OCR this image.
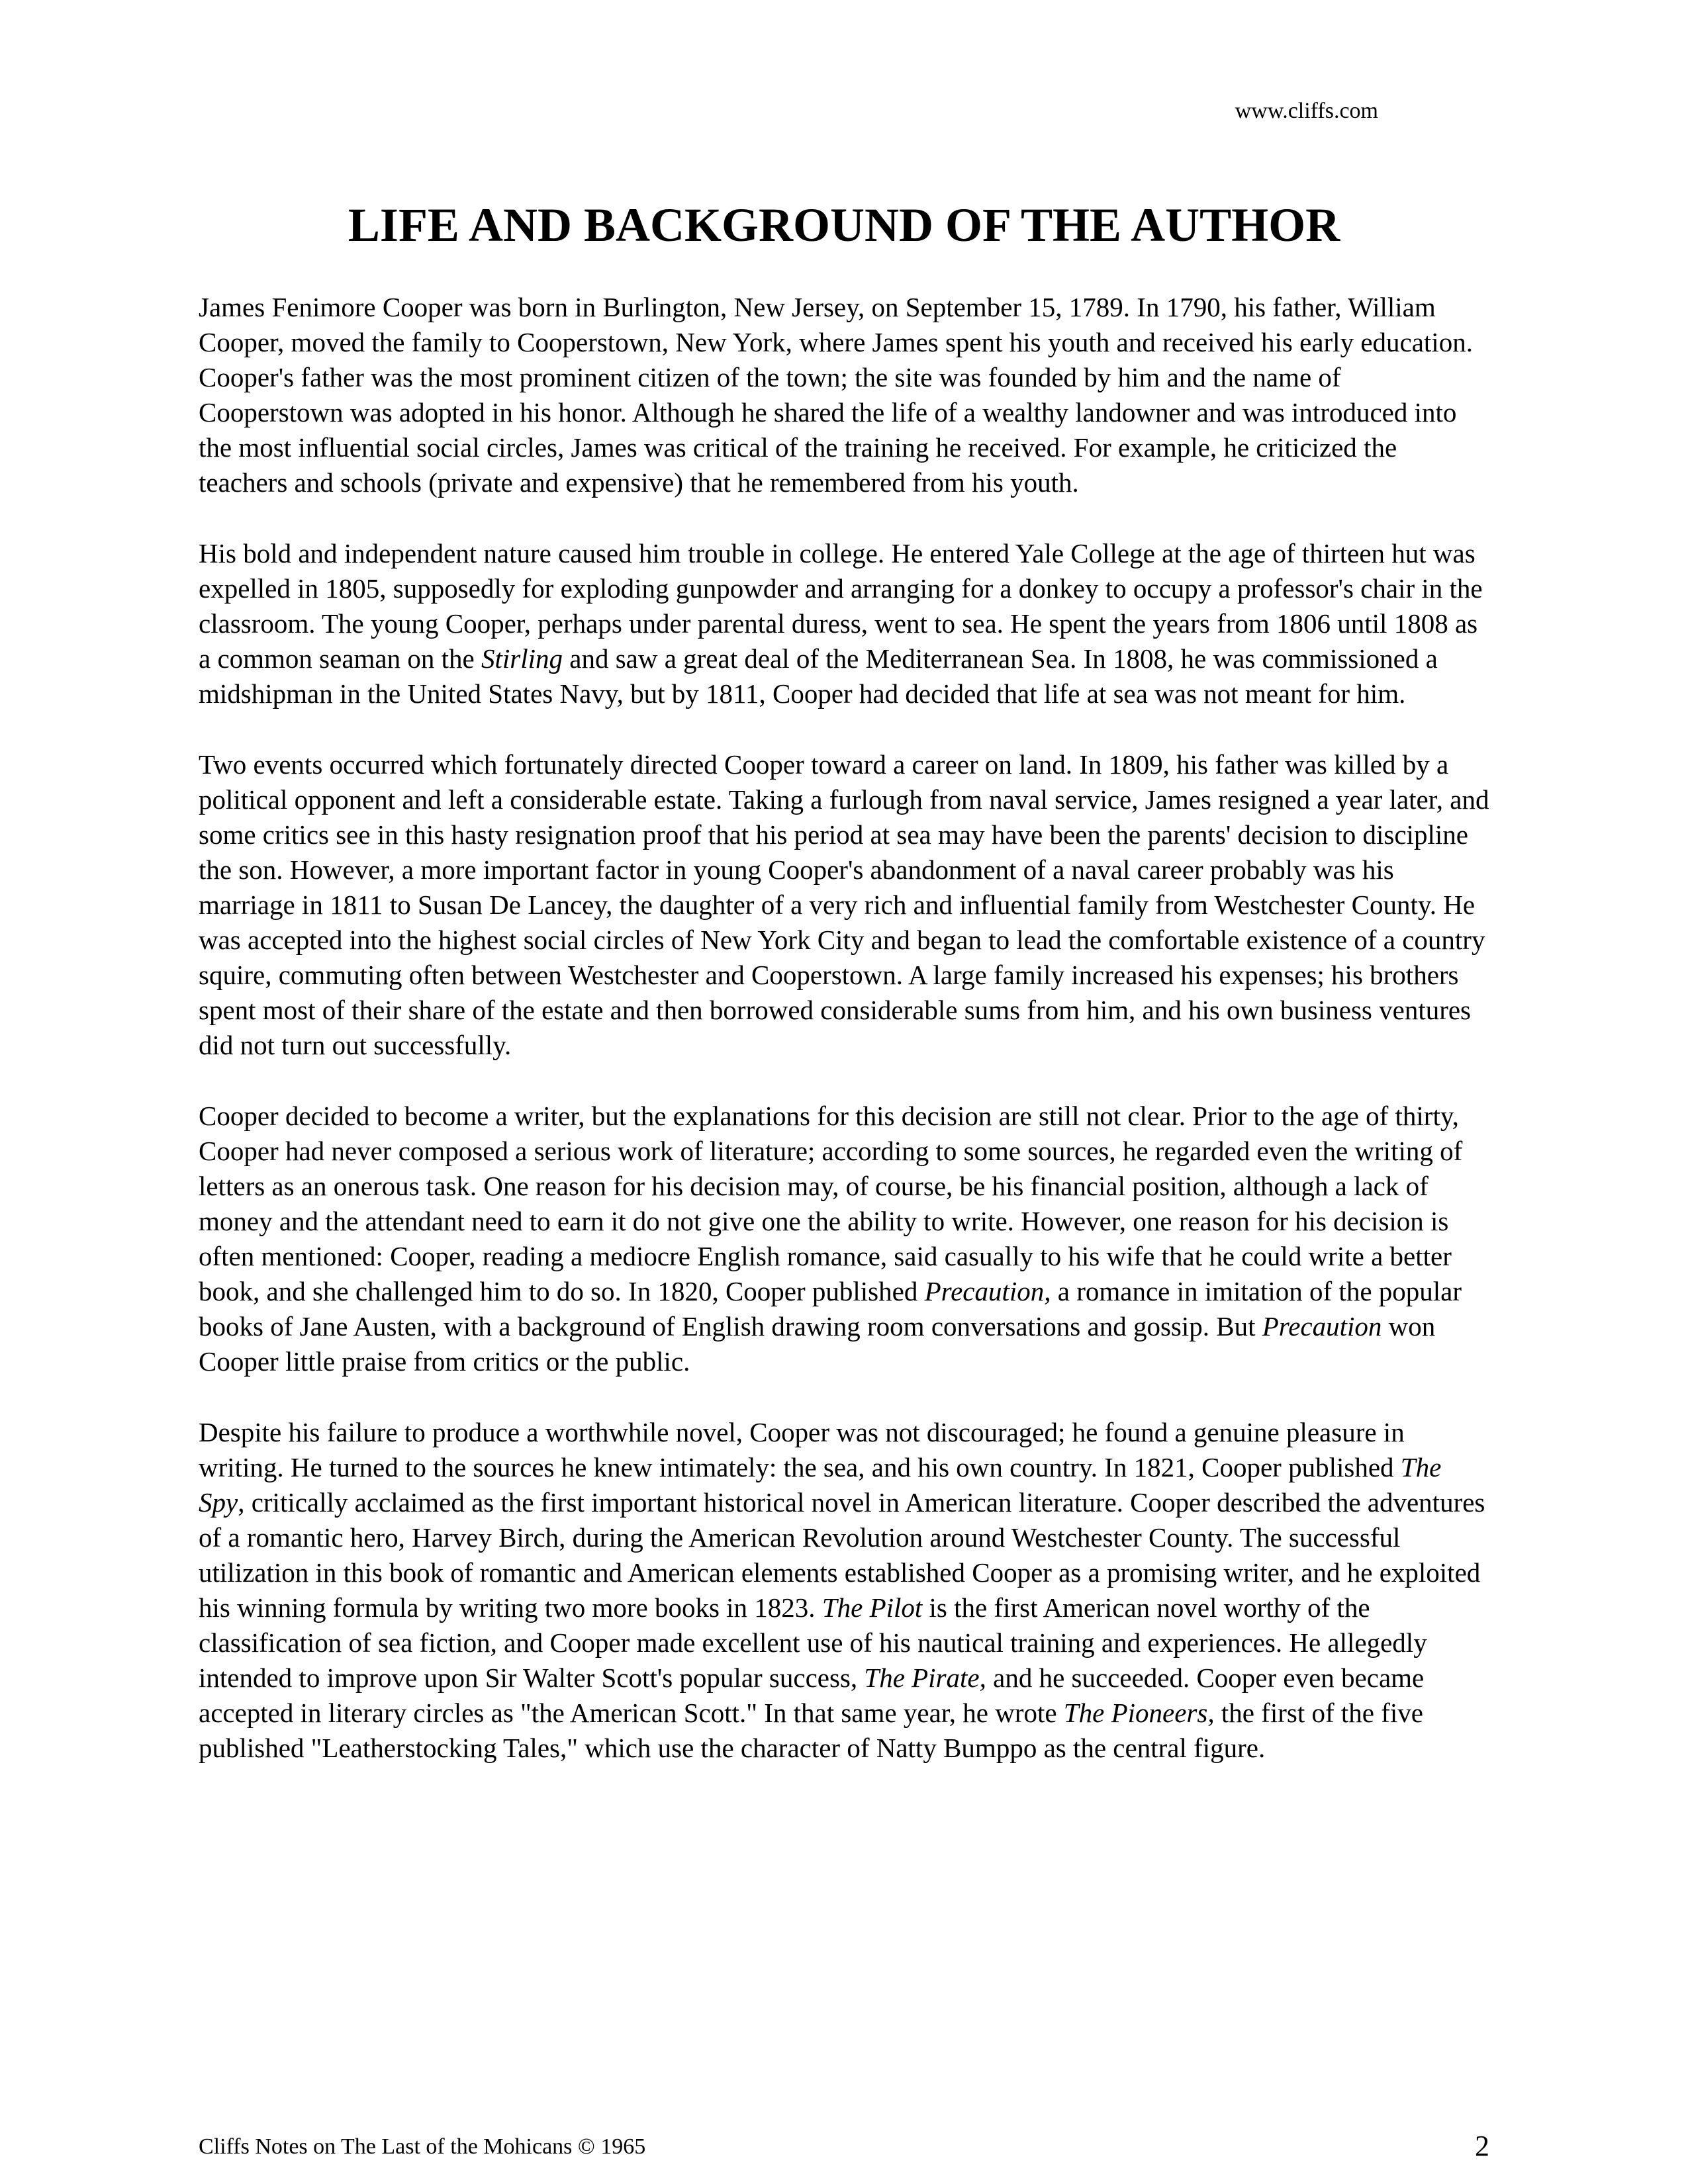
www.cliffs.com
LIFE AND BACKGROUND OF THE AUTHOR

James Fenimore Cooper was born in Burlington, New Jersey, on September 15, 1789. In 1790, his father, William Cooper, moved the family to Cooperstown, New York, where James spent his youth and received his early education. Cooper's father was the most prominent citizen of the town; the site was founded by him and the name of Cooperstown was adopted in his honor. Although he shared the life of a wealthy landowner and was introduced into the most influential social circles, James was critical of the training he received. For example, he criticized the teachers and schools (private and expensive) that he remembered from his youth.

His bold and independent nature caused him trouble in college. He entered Yale College at the age of thirteen hut was expelled in 1805, supposedly for exploding gunpowder and arranging for a donkey to occupy a professor's chair in the classroom. The young Cooper, perhaps under parental duress, went to sea. He spent the years from 1806 until 1808 as a common seaman on the Stirling and saw a great deal of the Mediterranean Sea. In 1808, he was commissioned a midshipman in the United States Navy, but by 1811, Cooper had decided that life at sea was not meant for him.

Two events occurred which fortunately directed Cooper toward a career on land. In 1809, his father was killed by a political opponent and left a considerable estate. Taking a furlough from naval service, James resigned a year later, and some critics see in this hasty resignation proof that his period at sea may have been the parents' decision to discipline the son. However, a more important factor in young Cooper's abandonment of a naval career probably was his marriage in 1811 to Susan De Lancey, the daughter of a very rich and influential family from Westchester County. He was accepted into the highest social circles of New York City and began to lead the comfortable existence of a country squire, commuting often between Westchester and Cooperstown. A large family increased his expenses; his brothers spent most of their share of the estate and then borrowed considerable sums from him, and his own business ventures did not turn out successfully.

Cooper decided to become a writer, but the explanations for this decision are still not clear. Prior to the age of thirty, Cooper had never composed a serious work of literature; according to some sources, he regarded even the writing of letters as an onerous task. One reason for his decision may, of course, be his financial position, although a lack of money and the attendant need to earn it do not give one the ability to write. However, one reason for his decision is often mentioned: Cooper, reading a mediocre English romance, said casually to his wife that he could write a better book, and she challenged him to do so. In 1820, Cooper published Precaution, a romance in imitation of the popular books of Jane Austen, with a background of English drawing room conversations and gossip. But Precaution won Cooper little praise from critics or the public.

Despite his failure to produce a worthwhile novel, Cooper was not discouraged; he found a genuine pleasure in writing. He turned to the sources he knew intimately: the sea, and his own country. In 1821, Cooper published The Spy, critically acclaimed as the first important historical novel in American literature. Cooper described the adventures of a romantic hero, Harvey Birch, during the American Revolution around Westchester County. The successful utilization in this book of romantic and American elements established Cooper as a promising writer, and he exploited his winning formula by writing two more books in 1823. The Pilot is the first American novel worthy of the classification of sea fiction, and Cooper made excellent use of his nautical training and experiences. He allegedly intended to improve upon Sir Walter Scott's popular success, The Pirate, and he succeeded. Cooper even became accepted in literary circles as "the American Scott." In that same year, he wrote The Pioneers, the first of the five published "Leatherstocking Tales," which use the character of Natty Bumppo as the central figure.

Cliffs Notes on The Last of the Mohicans © 1965	2
